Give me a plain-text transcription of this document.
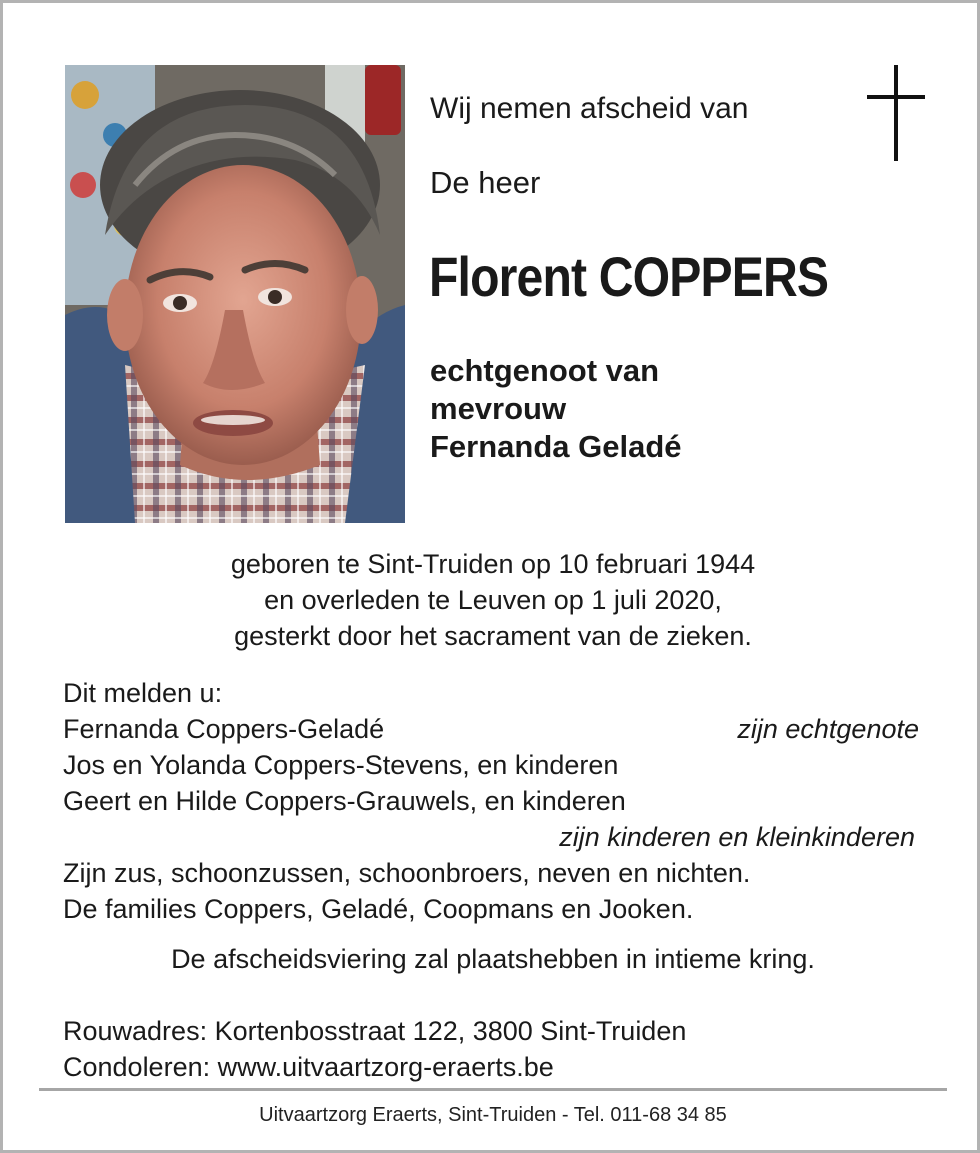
Wij nemen afscheid van
De heer
Florent COPPERS
echtgenoot van
mevrouw
Fernanda Geladé
geboren te Sint-Truiden op 10 februari 1944
en overleden te Leuven op 1 juli 2020,
gesterkt door het sacrament van de zieken.
Dit melden u:
Fernanda Coppers-Geladé	zijn echtgenote
Jos en Yolanda Coppers-Stevens, en kinderen
Geert en Hilde Coppers-Grauwels, en kinderen
zijn kinderen en kleinkinderen
Zijn zus, schoonzussen, schoonbroers, neven en nichten.
De families Coppers, Geladé, Coopmans en Jooken.
De afscheidsviering zal plaatshebben in intieme kring.
Rouwadres: Kortenbosstraat 122, 3800 Sint-Truiden
Condoleren: www.uitvaartzorg-eraerts.be
Uitvaartzorg Eraerts, Sint-Truiden - Tel. 011-68 34 85
